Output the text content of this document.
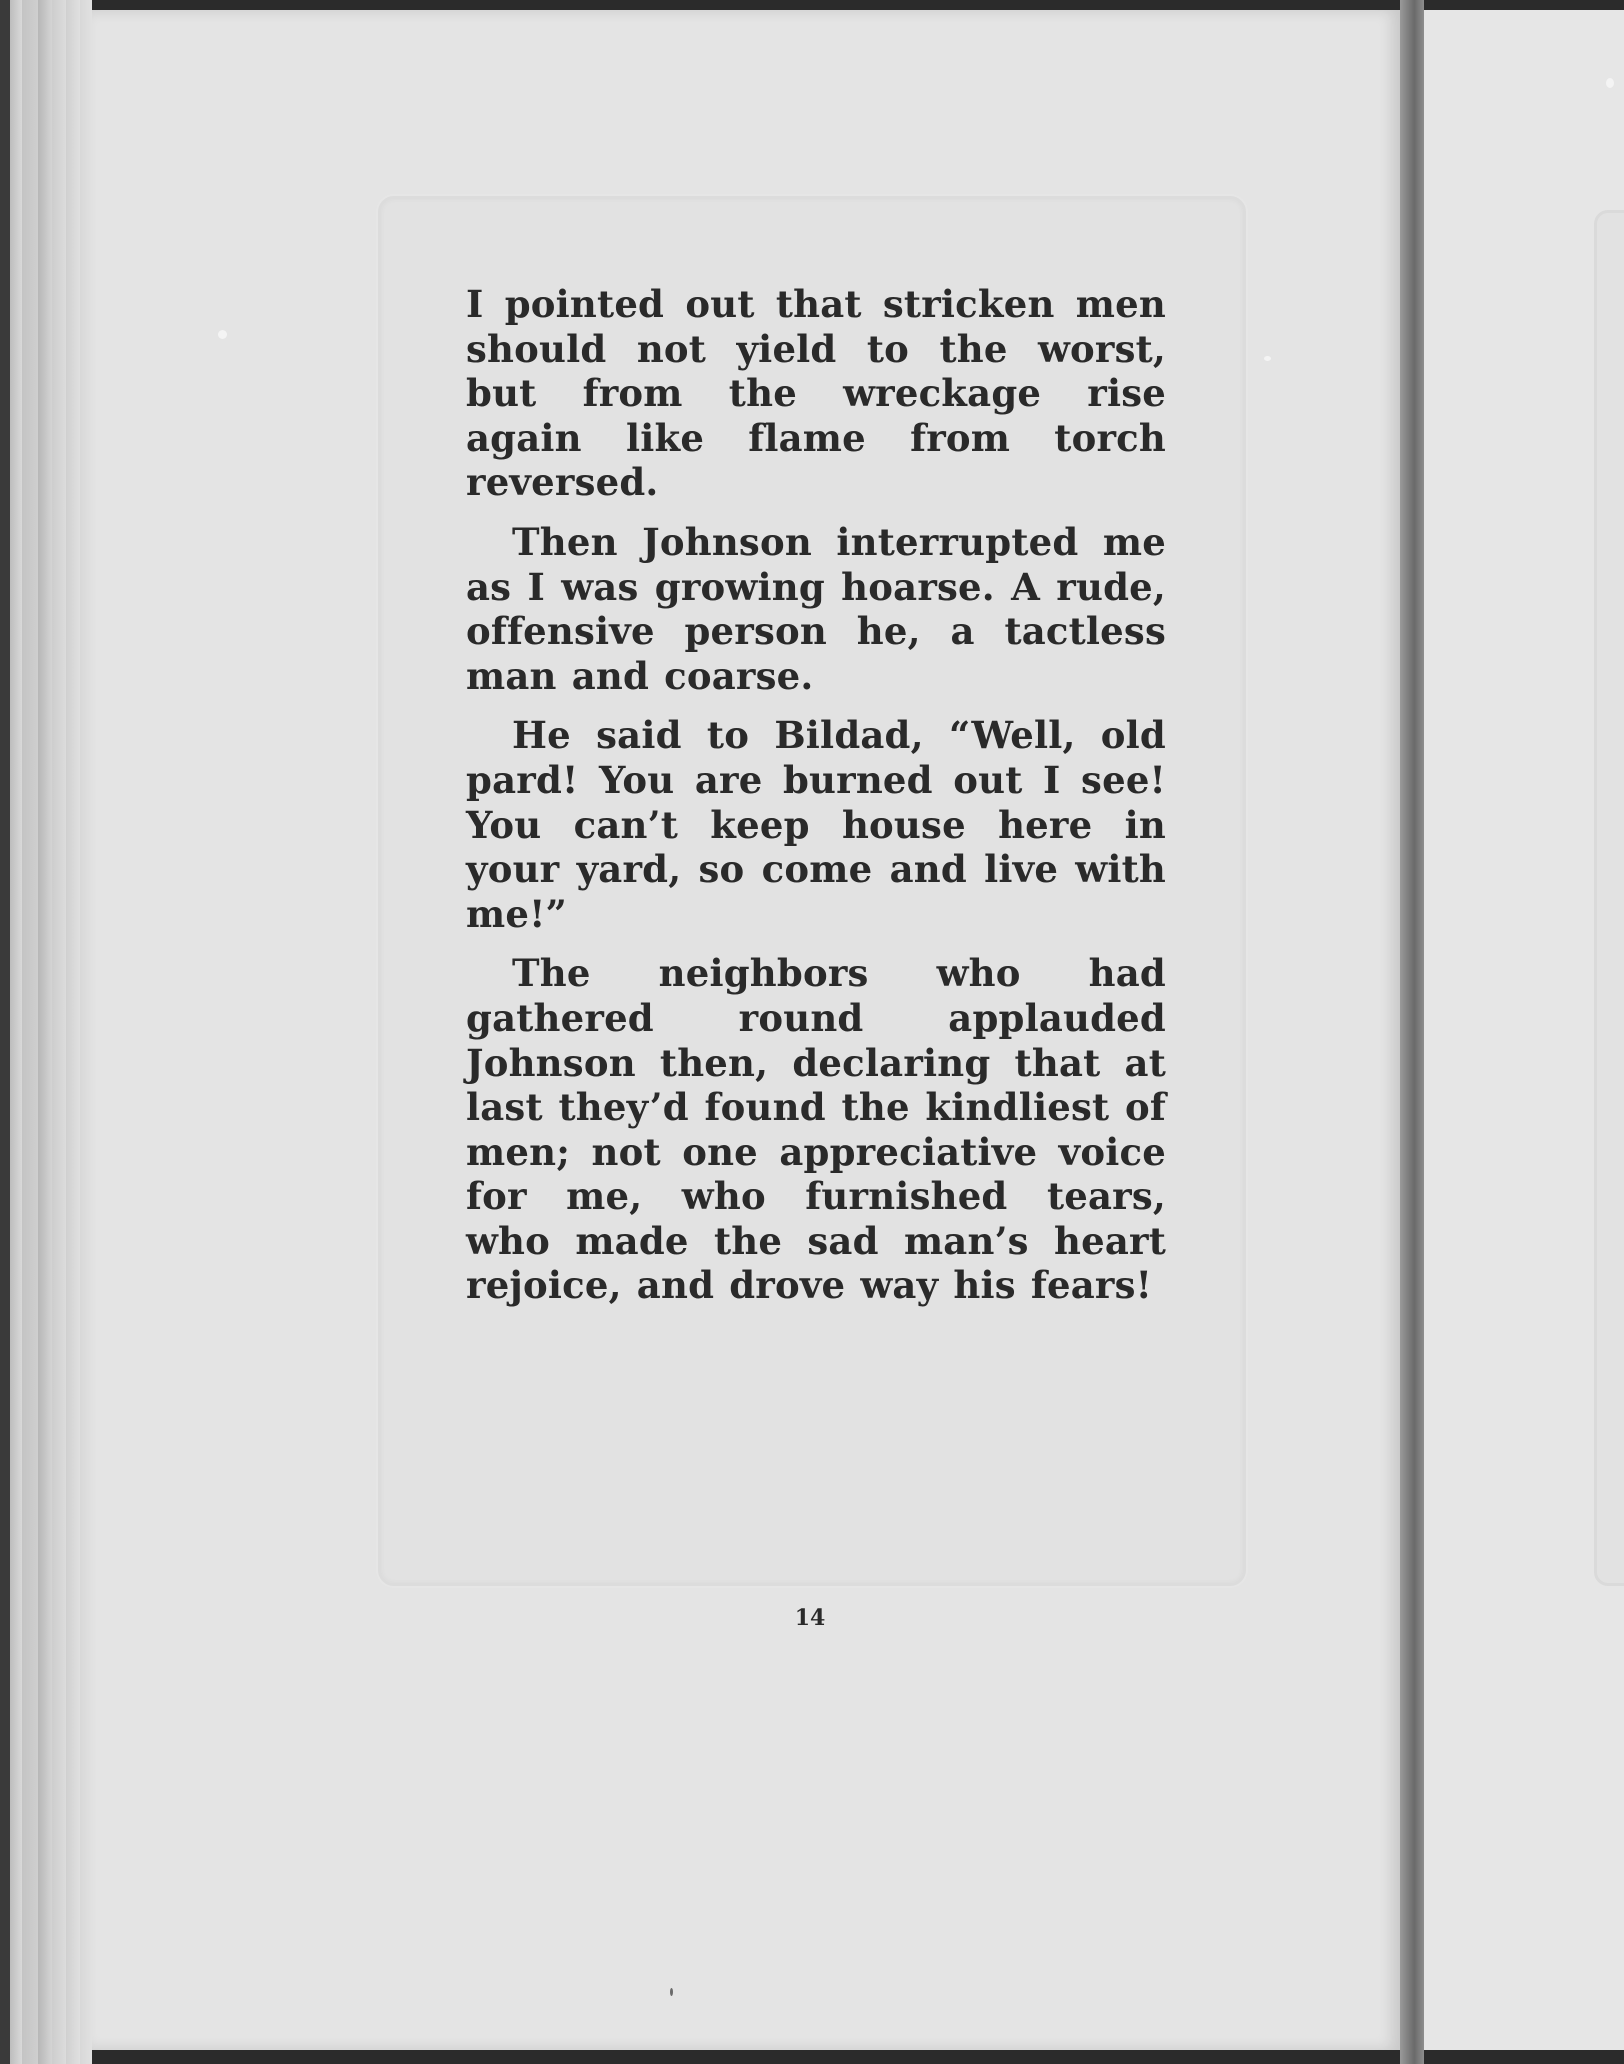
I pointed out that stricken men should not yield to the worst, but from the wreckage rise again like flame from torch reversed.

Then Johnson interrupted me as I was growing hoarse. A rude, offensive person he, a tactless man and coarse.

He said to Bildad, “Well, old pard! You are burned out I see! You can’t keep house here in your yard, so come and live with me!”

The neighbors who had gathered round applauded Johnson then, declaring that at last they’d found the kindliest of men; not one appreciative voice for me, who furnished tears, who made the sad man’s heart rejoice, and drove way his fears!

14
